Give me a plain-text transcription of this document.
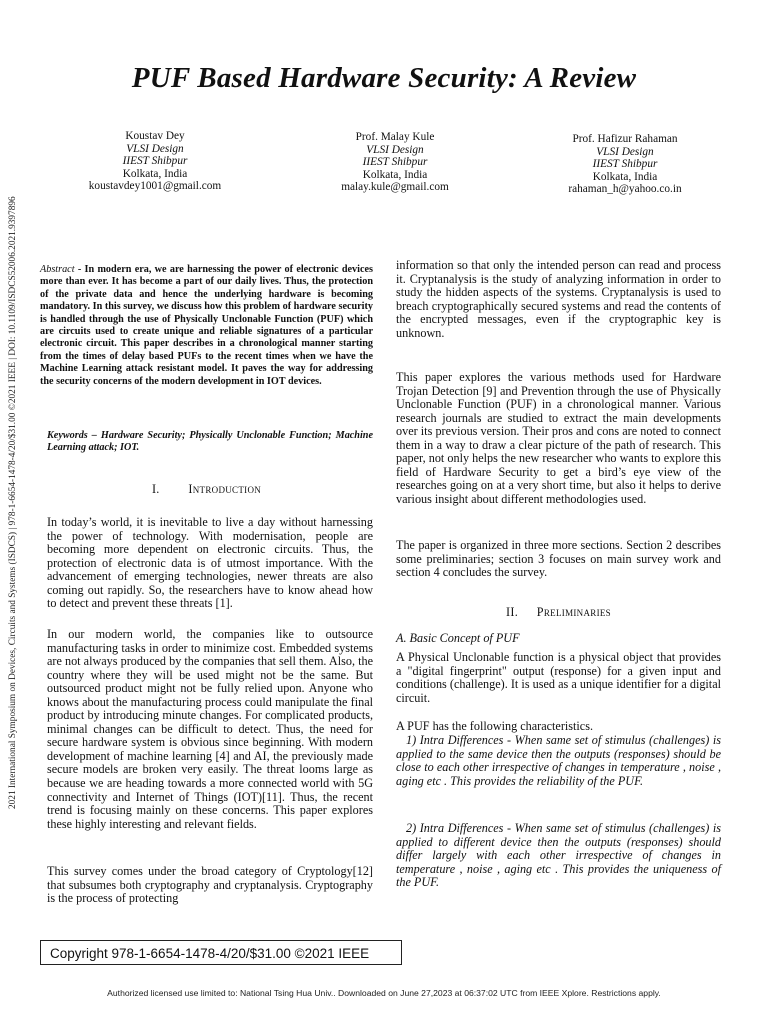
2021 International Symposium on Devices, Circuits and Systems (ISDCS) | 978-1-6654-1478-4/20/$31.00 ©2021 IEEE | DOI: 10.1109/ISDCS52006.2021.9397896
PUF Based Hardware Security: A Review
Koustav Dey
VLSI Design
IIEST Shibpur
Kolkata, India
koustavdey1001@gmail.com
Prof. Malay Kule
VLSI Design
IIEST Shibpur
Kolkata, India
malay.kule@gmail.com
Prof. Hafizur Rahaman
VLSI Design
IIEST Shibpur
Kolkata, India
rahaman_h@yahoo.co.in
Abstract - In modern era, we are harnessing the power of electronic devices more than ever. It has become a part of our daily lives. Thus, the protection of the private data and hence the underlying hardware is becoming mandatory. In this survey, we discuss how this problem of hardware security is handled through the use of Physically Unclonable Function (PUF) which are circuits used to create unique and reliable signatures of a particular electronic circuit. This paper describes in a chronological manner starting from the times of delay based PUFs to the recent times when we have the Machine Learning attack resistant model. It paves the way for addressing the security concerns of the modern development in IOT devices.
Keywords – Hardware Security; Physically Unclonable Function; Machine Learning attack; IOT.
I. Introduction
In today’s world, it is inevitable to live a day without harnessing the power of technology. With modernisation, people are becoming more dependent on electronic circuits. Thus, the protection of electronic data is of utmost importance. With the advancement of emerging technologies, newer threats are also coming out rapidly. So, the researchers have to know ahead how to detect and prevent these threats [1].
In our modern world, the companies like to outsource manufacturing tasks in order to minimize cost. Embedded systems are not always produced by the companies that sell them. Also, the country where they will be used might not be the same. But outsourced product might not be fully relied upon. Anyone who knows about the manufacturing process could manipulate the final product by introducing minute changes. For complicated products, minimal changes can be difficult to detect. Thus, the need for secure hardware system is obvious since beginning. With modern development of machine learning [4] and AI, the previously made secure models are broken very easily. The threat looms large as because we are heading towards a more connected world with 5G connectivity and Internet of Things (IOT)[11]. Thus, the recent trend is focusing mainly on these concerns. This paper explores these highly interesting and relevant fields.
This survey comes under the broad category of Cryptology[12] that subsumes both cryptography and cryptanalysis. Cryptography is the process of protecting
information so that only the intended person can read and process it. Cryptanalysis is the study of analyzing information in order to study the hidden aspects of the systems. Cryptanalysis is used to breach cryptographically secured systems and read the contents of the encrypted messages, even if the cryptographic key is unknown.
This paper explores the various methods used for Hardware Trojan Detection [9] and Prevention through the use of Physically Unclonable Function (PUF) in a chronological manner. Various research journals are studied to extract the main developments over its previous version. Their pros and cons are noted to connect them in a way to draw a clear picture of the path of research. This paper, not only helps the new researcher who wants to explore this field of Hardware Security to get a bird’s eye view of the researches going on at a very short time, but also it helps to derive various insight about different methodologies used.
The paper is organized in three more sections. Section 2 describes some preliminaries; section 3 focuses on main survey work and section 4 concludes the survey.
II. Preliminaries
A. Basic Concept of PUF
A Physical Unclonable function is a physical object that provides a "digital fingerprint" output (response) for a given input and conditions (challenge). It is used as a unique identifier for a digital circuit.
A PUF has the following characteristics.
1) Intra Differences - When same set of stimulus (challenges) is applied to the same device then the outputs (responses) should be close to each other irrespective of changes in temperature , noise , aging etc . This provides the reliability of the PUF.
2) Intra Differences - When same set of stimulus (challenges) is applied to different device then the outputs (responses) should differ largely with each other irrespective of changes in temperature , noise , aging etc . This provides the uniqueness of the PUF.
Copyright 978-1-6654-1478-4/20/$31.00 ©2021 IEEE
Authorized licensed use limited to: National Tsing Hua Univ.. Downloaded on June 27,2023 at 06:37:02 UTC from IEEE Xplore. Restrictions apply.
